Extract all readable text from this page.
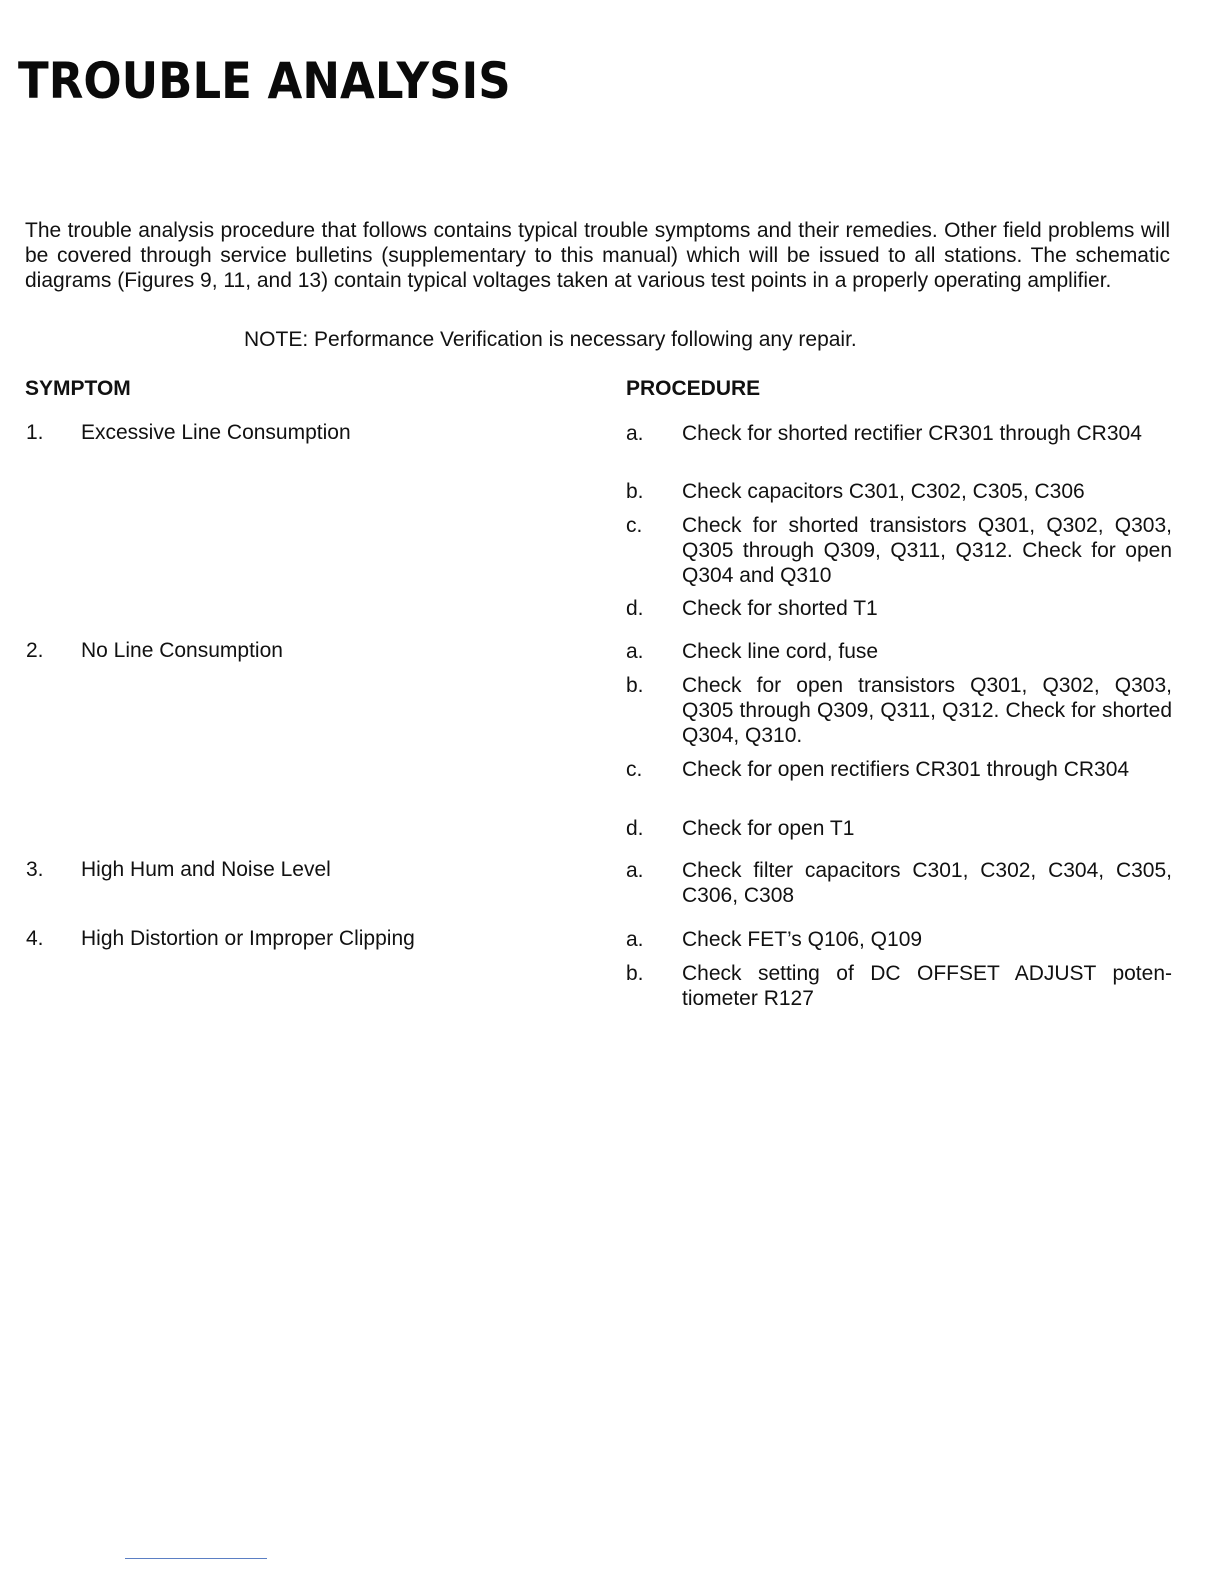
TROUBLE ANALYSIS

The trouble analysis procedure that follows contains typical trouble symptoms and their remedies. Other field problems will be covered through service bulletins (supplementary to this manual) which will be issued to all stations. The schematic diagrams (Figures 9, 11, and 13) contain typical voltages taken at various test points in a properly operating amplifier.

NOTE: Performance Verification is necessary following any repair.

SYMPTOM	PROCEDURE
1. Excessive Line Consumption	a. Check for shorted rectifier CR301 through CR304
b. Check capacitors C301, C302, C305, C306
c. Check for shorted transistors Q301, Q302, Q303, Q305 through Q309, Q311, Q312. Check for open Q304 and Q310
d. Check for shorted T1
2. No Line Consumption	a. Check line cord, fuse
b. Check for open transistors Q301, Q302, Q303, Q305 through Q309, Q311, Q312. Check for shorted Q304, Q310.
c. Check for open rectifiers CR301 through CR304
d. Check for open T1
3. High Hum and Noise Level	a. Check filter capacitors C301, C302, C304, C305, C306, C308
4. High Distortion or Improper Clipping	a. Check FET’s Q106, Q109
b. Check setting of DC OFFSET ADJUST poten-tiometer R127
